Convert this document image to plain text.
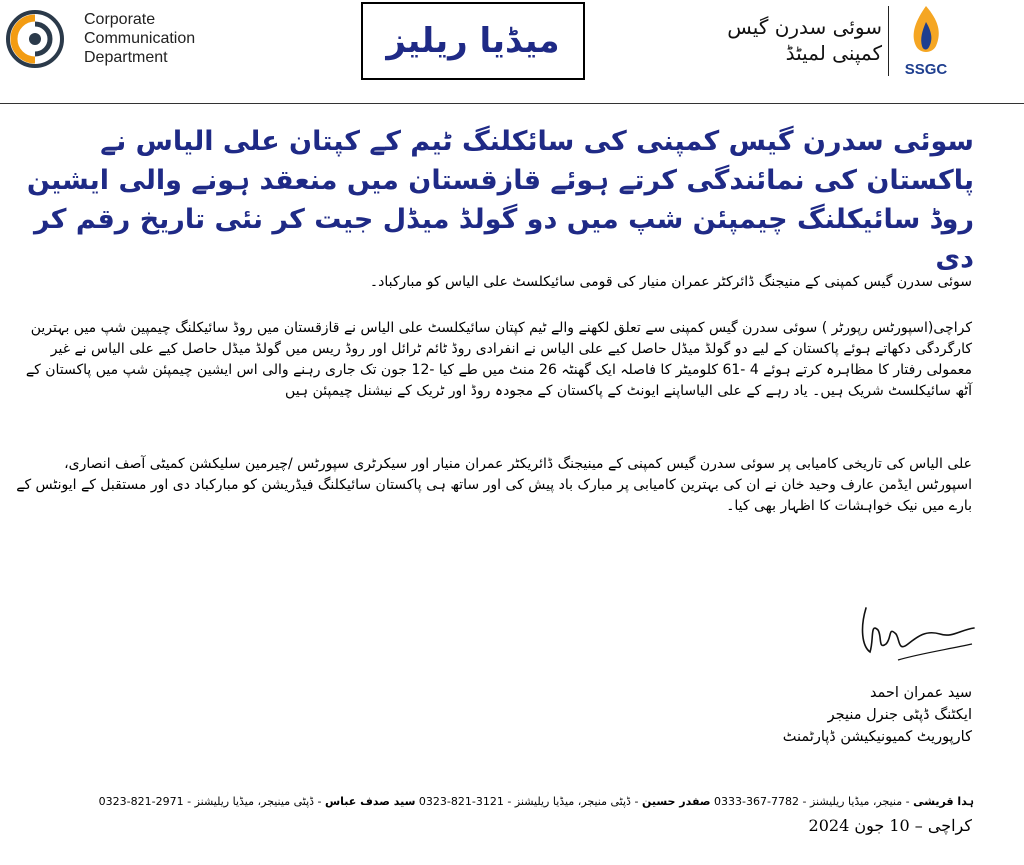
Corporate
Communication
Department	میڈیا ریلیز	سوئی سدرن گیس
کمپنی لمیٹڈ
SSGC
سوئی سدرن گیس کمپنی کی سائکلنگ ٹیم کے کپتان علی الیاس نے پاکستان کی نمائندگی کرتے ہوئے قازقستان میں منعقد ہونے والی ایشین روڈ سائیکلنگ چیمپئن شپ میں دو گولڈ میڈل جیت کر نئی تاریخ رقم کر دی
سوئی سدرن گیس کمپنی کے منیجنگ ڈائرکٹر عمران منیار کی قومی سائیکلسٹ علی الیاس کو مبارکباد۔
کراچی(اسپورٹس رپورٹر ) سوئی سدرن گیس کمپنی سے تعلق لکھنے والے ٹیم کپتان سائیکلسٹ علی الیاس نے قازقستان میں روڈ سائیکلنگ چیمپین شپ میں بہترین کارگردگی دکھاتے ہوئے پاکستان کے لیے دو گولڈ میڈل حاصل کیے علی الیاس نے انفرادی روڈ ٹائم ٹرائل اور روڈ ریس میں گولڈ میڈل حاصل کیے علی الیاس نے غیر معمولی رفتار کا مظاہرہ کرتے ہوئے 4 -61 کلومیٹر کا فاصلہ ایک گھنٹہ 26 منٹ میں طے کیا -12 جون تک جاری رہنے والی اس ایشین چیمپئن شپ میں پاکستان کے آٹھ سائیکلسٹ شریک ہیں۔ یاد رہے کے علی الیاساپنے ایونٹ کے پاکستان کے مجودہ روڈ اور ٹریک کے نیشنل چیمپئن ہیں
علی الیاس کی تاریخی کامیابی پر سوئی سدرن گیس کمپنی کے مینیجنگ ڈائریکٹر عمران منیار اور سیکرٹری سپورٹس /چیرمین سلیکشن کمیٹی آصف انصاری، اسپورٹس ایڈمن عارف وحید خان نے ان کی بہترین کامیابی پر مبارک باد پیش کی اور ساتھ ہی پاکستان سائیکلنگ فیڈریشن کو مبارکباد دی اور مستقبل کے ایونٹس کے بارے میں نیک خواہشات کا اظہار بھی کیا۔
سید عمران احمد
ایکٹنگ ڈپٹی جنرل منیجر
کارپوریٹ کمیونیکیشن ڈپارٹمنٹ
ہدا قریشی - منیجر، میڈیا ریلیشنز - 7782-367-0333 صفدر حسین - ڈپٹی منیجر، میڈیا ریلیشنز - 3121-821-0323 سید صدف عباس - ڈپٹی مینیجر، میڈیا ریلیشنز - 2971-821-0323
کراچی – 10 جون 2024
